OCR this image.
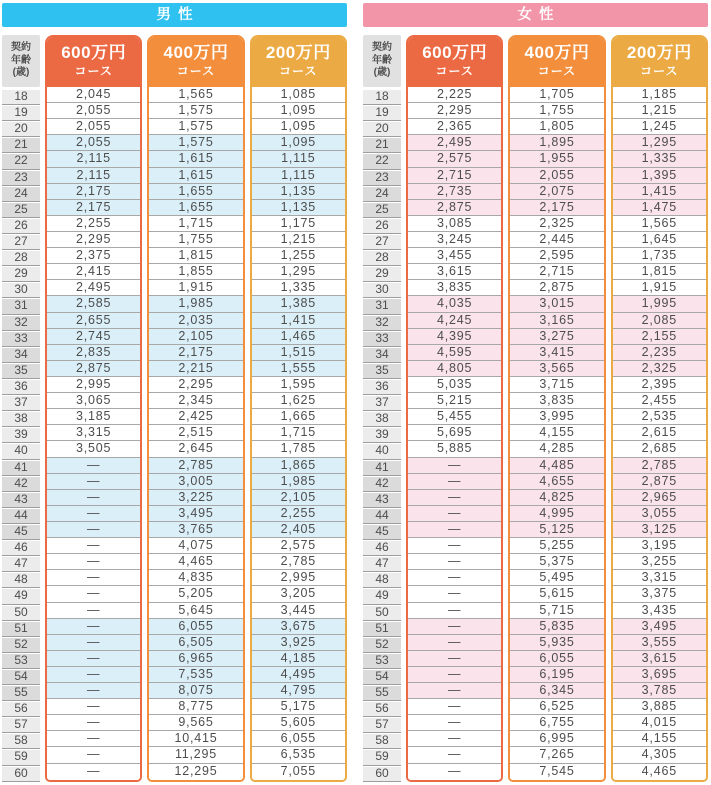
男性
契約
年齢
(歳)
18
19
20
21
22
23
24
25
26
27
28
29
30
31
32
33
34
35
36
37
38
39
40
41
42
43
44
45
46
47
48
49
50
51
52
53
54
55
56
57
58
59
60
600万円
コース
2,045
2,055
2,055
2,055
2,115
2,115
2,175
2,175
2,255
2,295
2,375
2,415
2,495
2,585
2,655
2,745
2,835
2,875
2,995
3,065
3,185
3,315
3,505
—
—
—
—
—
—
—
—
—
—
—
—
—
—
—
—
—
—
—
—
400万円
コース
1,565
1,575
1,575
1,575
1,615
1,615
1,655
1,655
1,715
1,755
1,815
1,855
1,915
1,985
2,035
2,105
2,175
2,215
2,295
2,345
2,425
2,515
2,645
2,785
3,005
3,225
3,495
3,765
4,075
4,465
4,835
5,205
5,645
6,055
6,505
6,965
7,535
8,075
8,775
9,565
10,415
11,295
12,295
200万円
コース
1,085
1,095
1,095
1,095
1,115
1,115
1,135
1,135
1,175
1,215
1,255
1,295
1,335
1,385
1,415
1,465
1,515
1,555
1,595
1,625
1,665
1,715
1,785
1,865
1,985
2,105
2,255
2,405
2,575
2,785
2,995
3,205
3,445
3,675
3,925
4,185
4,495
4,795
5,175
5,605
6,055
6,535
7,055
女性
契約
年齢
(歳)
18
19
20
21
22
23
24
25
26
27
28
29
30
31
32
33
34
35
36
37
38
39
40
41
42
43
44
45
46
47
48
49
50
51
52
53
54
55
56
57
58
59
60
600万円
コース
2,225
2,295
2,365
2,495
2,575
2,715
2,735
2,875
3,085
3,245
3,455
3,615
3,835
4,035
4,245
4,395
4,595
4,805
5,035
5,215
5,455
5,695
5,885
—
—
—
—
—
—
—
—
—
—
—
—
—
—
—
—
—
—
—
—
400万円
コース
1,705
1,755
1,805
1,895
1,955
2,055
2,075
2,175
2,325
2,445
2,595
2,715
2,875
3,015
3,165
3,275
3,415
3,565
3,715
3,835
3,995
4,155
4,285
4,485
4,655
4,825
4,995
5,125
5,255
5,375
5,495
5,615
5,715
5,835
5,935
6,055
6,195
6,345
6,525
6,755
6,995
7,265
7,545
200万円
コース
1,185
1,215
1,245
1,295
1,335
1,395
1,415
1,475
1,565
1,645
1,735
1,815
1,915
1,995
2,085
2,155
2,235
2,325
2,395
2,455
2,535
2,615
2,685
2,785
2,875
2,965
3,055
3,125
3,195
3,255
3,315
3,375
3,435
3,495
3,555
3,615
3,695
3,785
3,885
4,015
4,155
4,305
4,465
